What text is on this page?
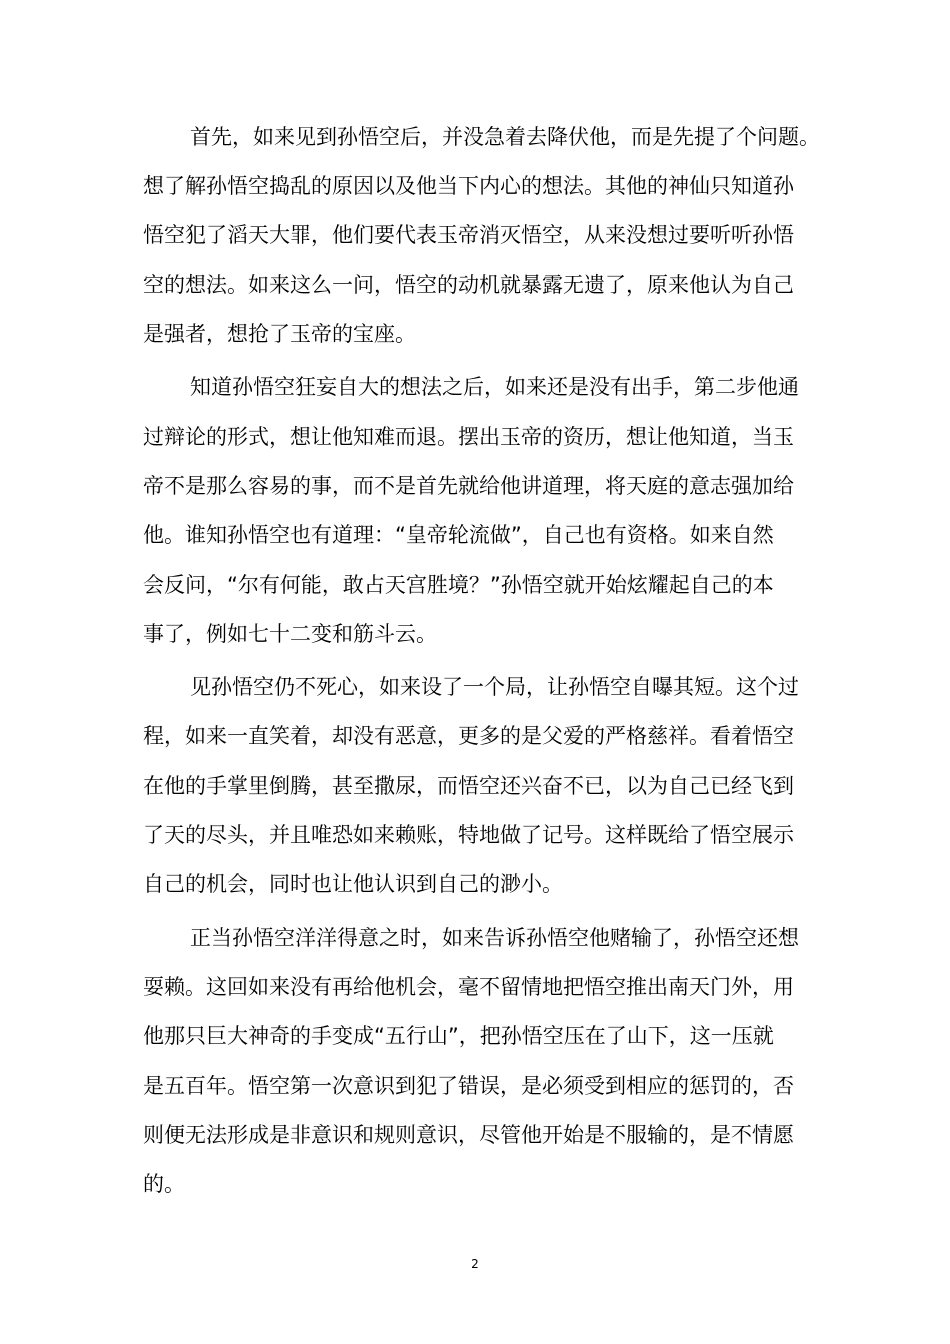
首先，如来见到孙悟空后，并没急着去降伏他，而是先提了个问题。
想了解孙悟空捣乱的原因以及他当下内心的想法。其他的神仙只知道孙
悟空犯了滔天大罪，他们要代表玉帝消灭悟空，从来没想过要听听孙悟
空的想法。如来这么一问，悟空的动机就暴露无遗了，原来他认为自己
是强者，想抢了玉帝的宝座。
知道孙悟空狂妄自大的想法之后，如来还是没有出手，第二步他通
过辩论的形式，想让他知难而退。摆出玉帝的资历，想让他知道，当玉
帝不是那么容易的事，而不是首先就给他讲道理，将天庭的意志强加给
他。谁知孙悟空也有道理：“皇帝轮流做”，自己也有资格。如来自然
会反问，“尔有何能，敢占天宫胜境？”孙悟空就开始炫耀起自己的本
事了，例如七十二变和筋斗云。
见孙悟空仍不死心，如来设了一个局，让孙悟空自曝其短。这个过
程，如来一直笑着，却没有恶意，更多的是父爱的严格慈祥。看着悟空
在他的手掌里倒腾，甚至撒尿，而悟空还兴奋不已，以为自己已经飞到
了天的尽头，并且唯恐如来赖账，特地做了记号。这样既给了悟空展示
自己的机会，同时也让他认识到自己的渺小。
正当孙悟空洋洋得意之时，如来告诉孙悟空他赌输了，孙悟空还想
耍赖。这回如来没有再给他机会，毫不留情地把悟空推出南天门外，用
他那只巨大神奇的手变成“五行山”，把孙悟空压在了山下，这一压就
是五百年。悟空第一次意识到犯了错误，是必须受到相应的惩罚的，否
则便无法形成是非意识和规则意识，尽管他开始是不服输的，是不情愿
的。
2
